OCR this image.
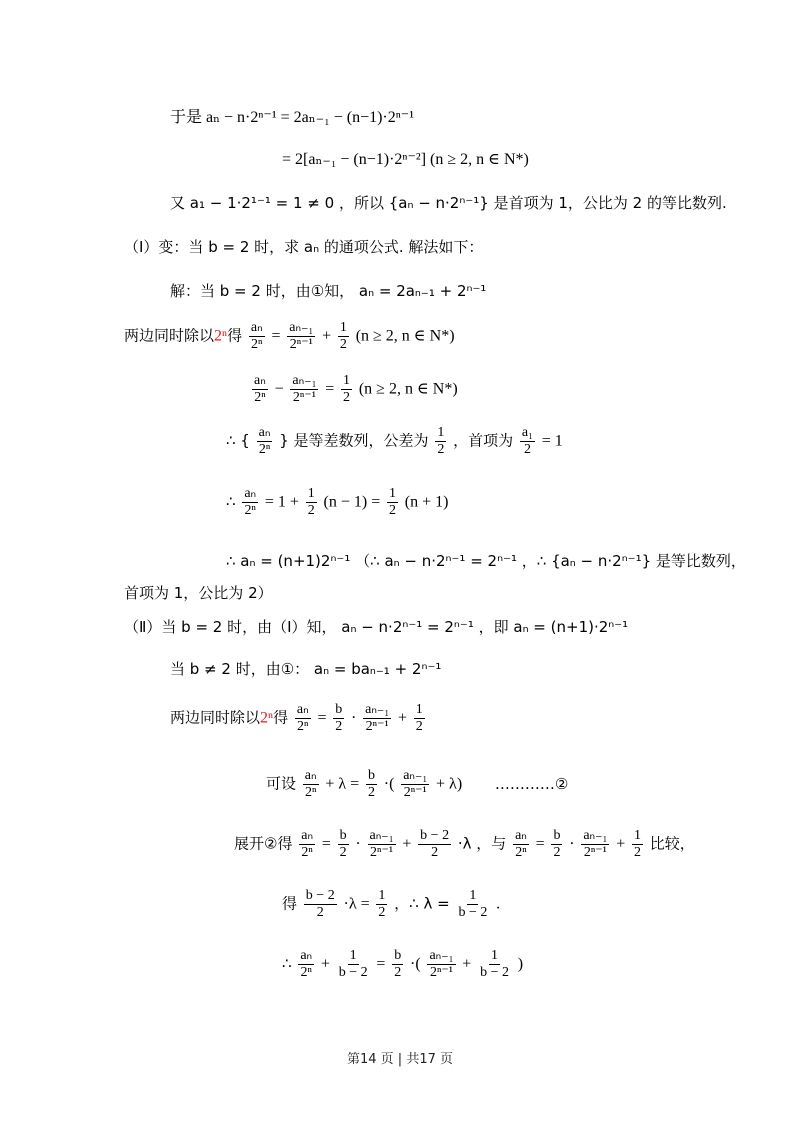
于是 aₙ − n·2ⁿ⁻¹ = 2aₙ₋₁ − (n−1)·2ⁿ⁻¹
= 2[aₙ₋₁ − (n−1)·2ⁿ⁻²] (n ≥ 2, n ∈ N*)
又 a₁ − 1·2¹⁻¹ = 1 ≠ 0 ，所以 {aₙ − n·2ⁿ⁻¹} 是首项为 1，公比为 2 的等比数列.
（Ⅰ）变：当 b = 2 时，求 aₙ 的通项公式. 解法如下：
解：当 b = 2 时，由①知， aₙ = 2aₙ₋₁ + 2ⁿ⁻¹
两边同时除以2ⁿ得 $\frac{\text{aₙ}}{\text{2ⁿ}} = \frac{\text{aₙ₋₁}}{\text{2ⁿ⁻¹}} + \frac{1}{2} (n \ge 2$, n ∈ N*)
$\frac{\text{aₙ}}{\text{2ⁿ}} - \frac{\text{aₙ₋₁}}{\text{2ⁿ⁻¹}} = \frac{1}{2} (n \ge 2$, n ∈ N*)
∴ { $\frac{\text{aₙ}}{\text{2ⁿ}}$ } 是等差数列，公差为 $\frac{1}{2}$ ，首项为 $\frac{\text{a₁}}{2} = 1$
∴ $\frac{\text{aₙ}}{\text{2ⁿ}} = 1 + \frac{1}{2} (n - 1) = \frac{1}{2} (n + 1)$
∴ aₙ = (n+1)2ⁿ⁻¹ （∴ aₙ − n·2ⁿ⁻¹ = 2ⁿ⁻¹ ，∴ {aₙ − n·2ⁿ⁻¹} 是等比数列，
首项为 1，公比为 2）
（Ⅱ）当 b = 2 时，由（Ⅰ）知， aₙ − n·2ⁿ⁻¹ = 2ⁿ⁻¹ ，即 aₙ = (n+1)·2ⁿ⁻¹
当 b ≠ 2 时，由①： aₙ = baₙ₋₁ + 2ⁿ⁻¹
两边同时除以2ⁿ得 $\frac{\text{aₙ}}{\text{2ⁿ}} = \frac{b}{2} \cdot \frac{\text{aₙ₋₁}}{\text{2ⁿ⁻¹}} + \frac{1}{2}$
可设 $\frac{\text{aₙ}}{\text{2ⁿ}} + \lambda = \frac{b}{2}$ ·( $\frac{\text{aₙ₋₁}}{\text{2ⁿ⁻¹}} + \lambda$) …………②
展开②得 $\frac{\text{aₙ}}{\text{2ⁿ}} = \frac{b}{2} \cdot \frac{\text{aₙ₋₁}}{\text{2ⁿ⁻¹}} + \frac{b - 2}{2} \cdot\lambda$ ，与 $\frac{\text{aₙ}}{\text{2ⁿ}} = \frac{b}{2} \cdot \frac{\text{aₙ₋₁}}{\text{2ⁿ⁻¹}} + \frac{1}{2}$ 比较，
得 $\frac{b - 2}{2} \cdot\lambda = \frac{1}{2}$ ，∴ $\lambda = \frac{1}{b - 2}$ .
∴ $\frac{\text{aₙ}}{\text{2ⁿ}} + \frac{1}{b - 2} = \frac{b}{2}$ ·( $\frac{\text{aₙ₋₁}}{\text{2ⁿ⁻¹}} + \frac{1}{b - 2}$ )
第14 页 | 共17 页
